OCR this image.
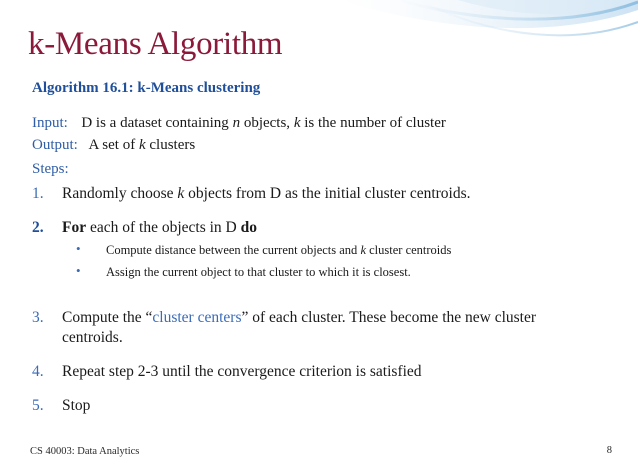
k-Means Algorithm
Algorithm 16.1: k-Means clustering
Input: D is a dataset containing n objects, k is the number of cluster
Output: A set of k clusters
Steps:
1. Randomly choose k objects from D as the initial cluster centroids.
2. For each of the objects in D do
• Compute distance between the current objects and k cluster centroids
• Assign the current object to that cluster to which it is closest.
3. Compute the “cluster centers” of each cluster. These become the new cluster
centroids.
4. Repeat step 2-3 until the convergence criterion is satisfied
5. Stop
CS 40003: Data Analytics	8
